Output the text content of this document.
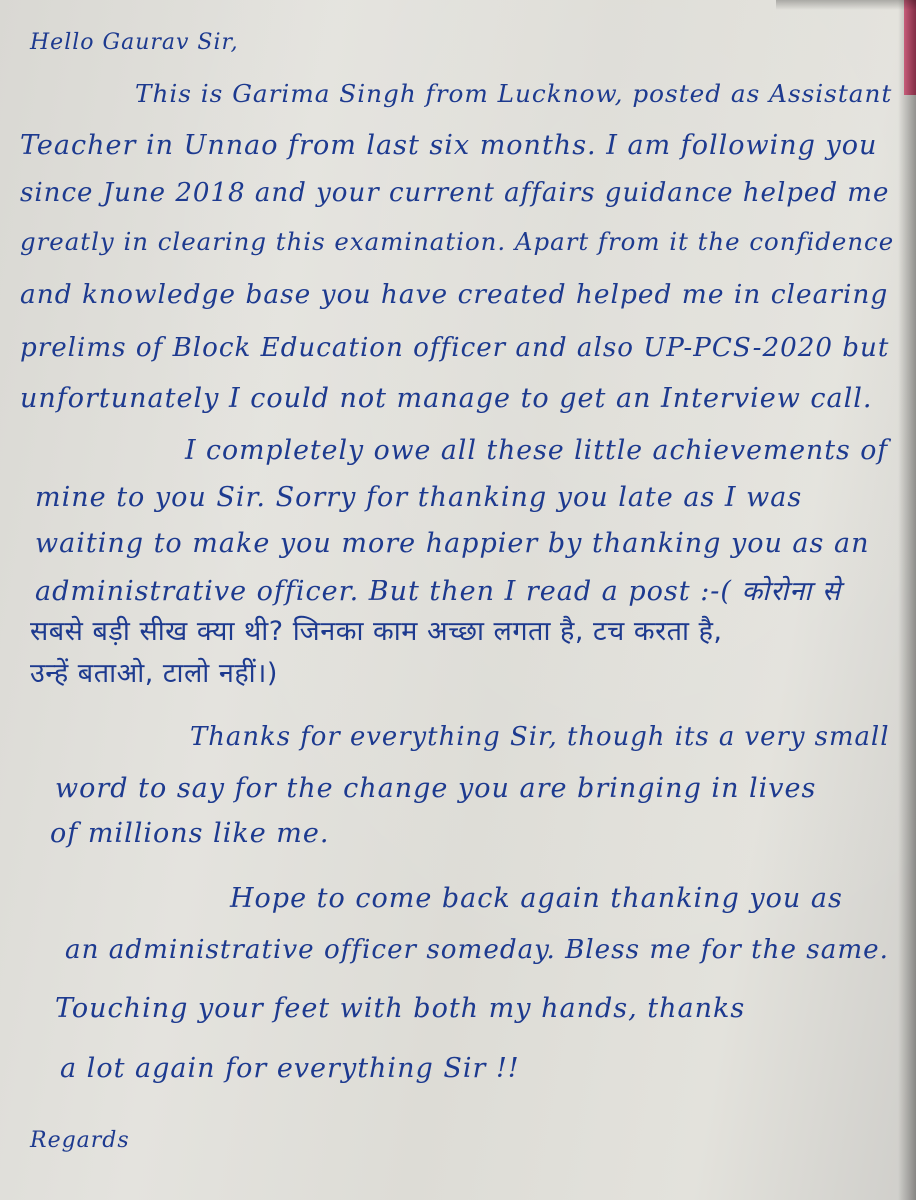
Hello Gaurav Sir,
This is Garima Singh from Lucknow, posted as Assistant
Teacher in Unnao from last six months. I am following you
since June 2018 and your current affairs guidance helped me
greatly in clearing this examination. Apart from it the confidence
and knowledge base you have created helped me in clearing
prelims of Block Education officer and also UP-PCS-2020 but
unfortunately I could not manage to get an Interview call.
I completely owe all these little achievements of
mine to you Sir. Sorry for thanking you late as I was
waiting to make you more happier by thanking you as an
administrative officer. But then I read a post :-( कोरोना से
सबसे बड़ी सीख क्या थी? जिनका काम अच्छा लगता है, टच करता है,
उन्हें बताओ, टालो नहीं।)
Thanks for everything Sir, though its a very small
word to say for the change you are bringing in lives
of millions like me.
Hope to come back again thanking you as
an administrative officer someday. Bless me for the same.
Touching your feet with both my hands, thanks
a lot again for everything Sir !!
Regards
